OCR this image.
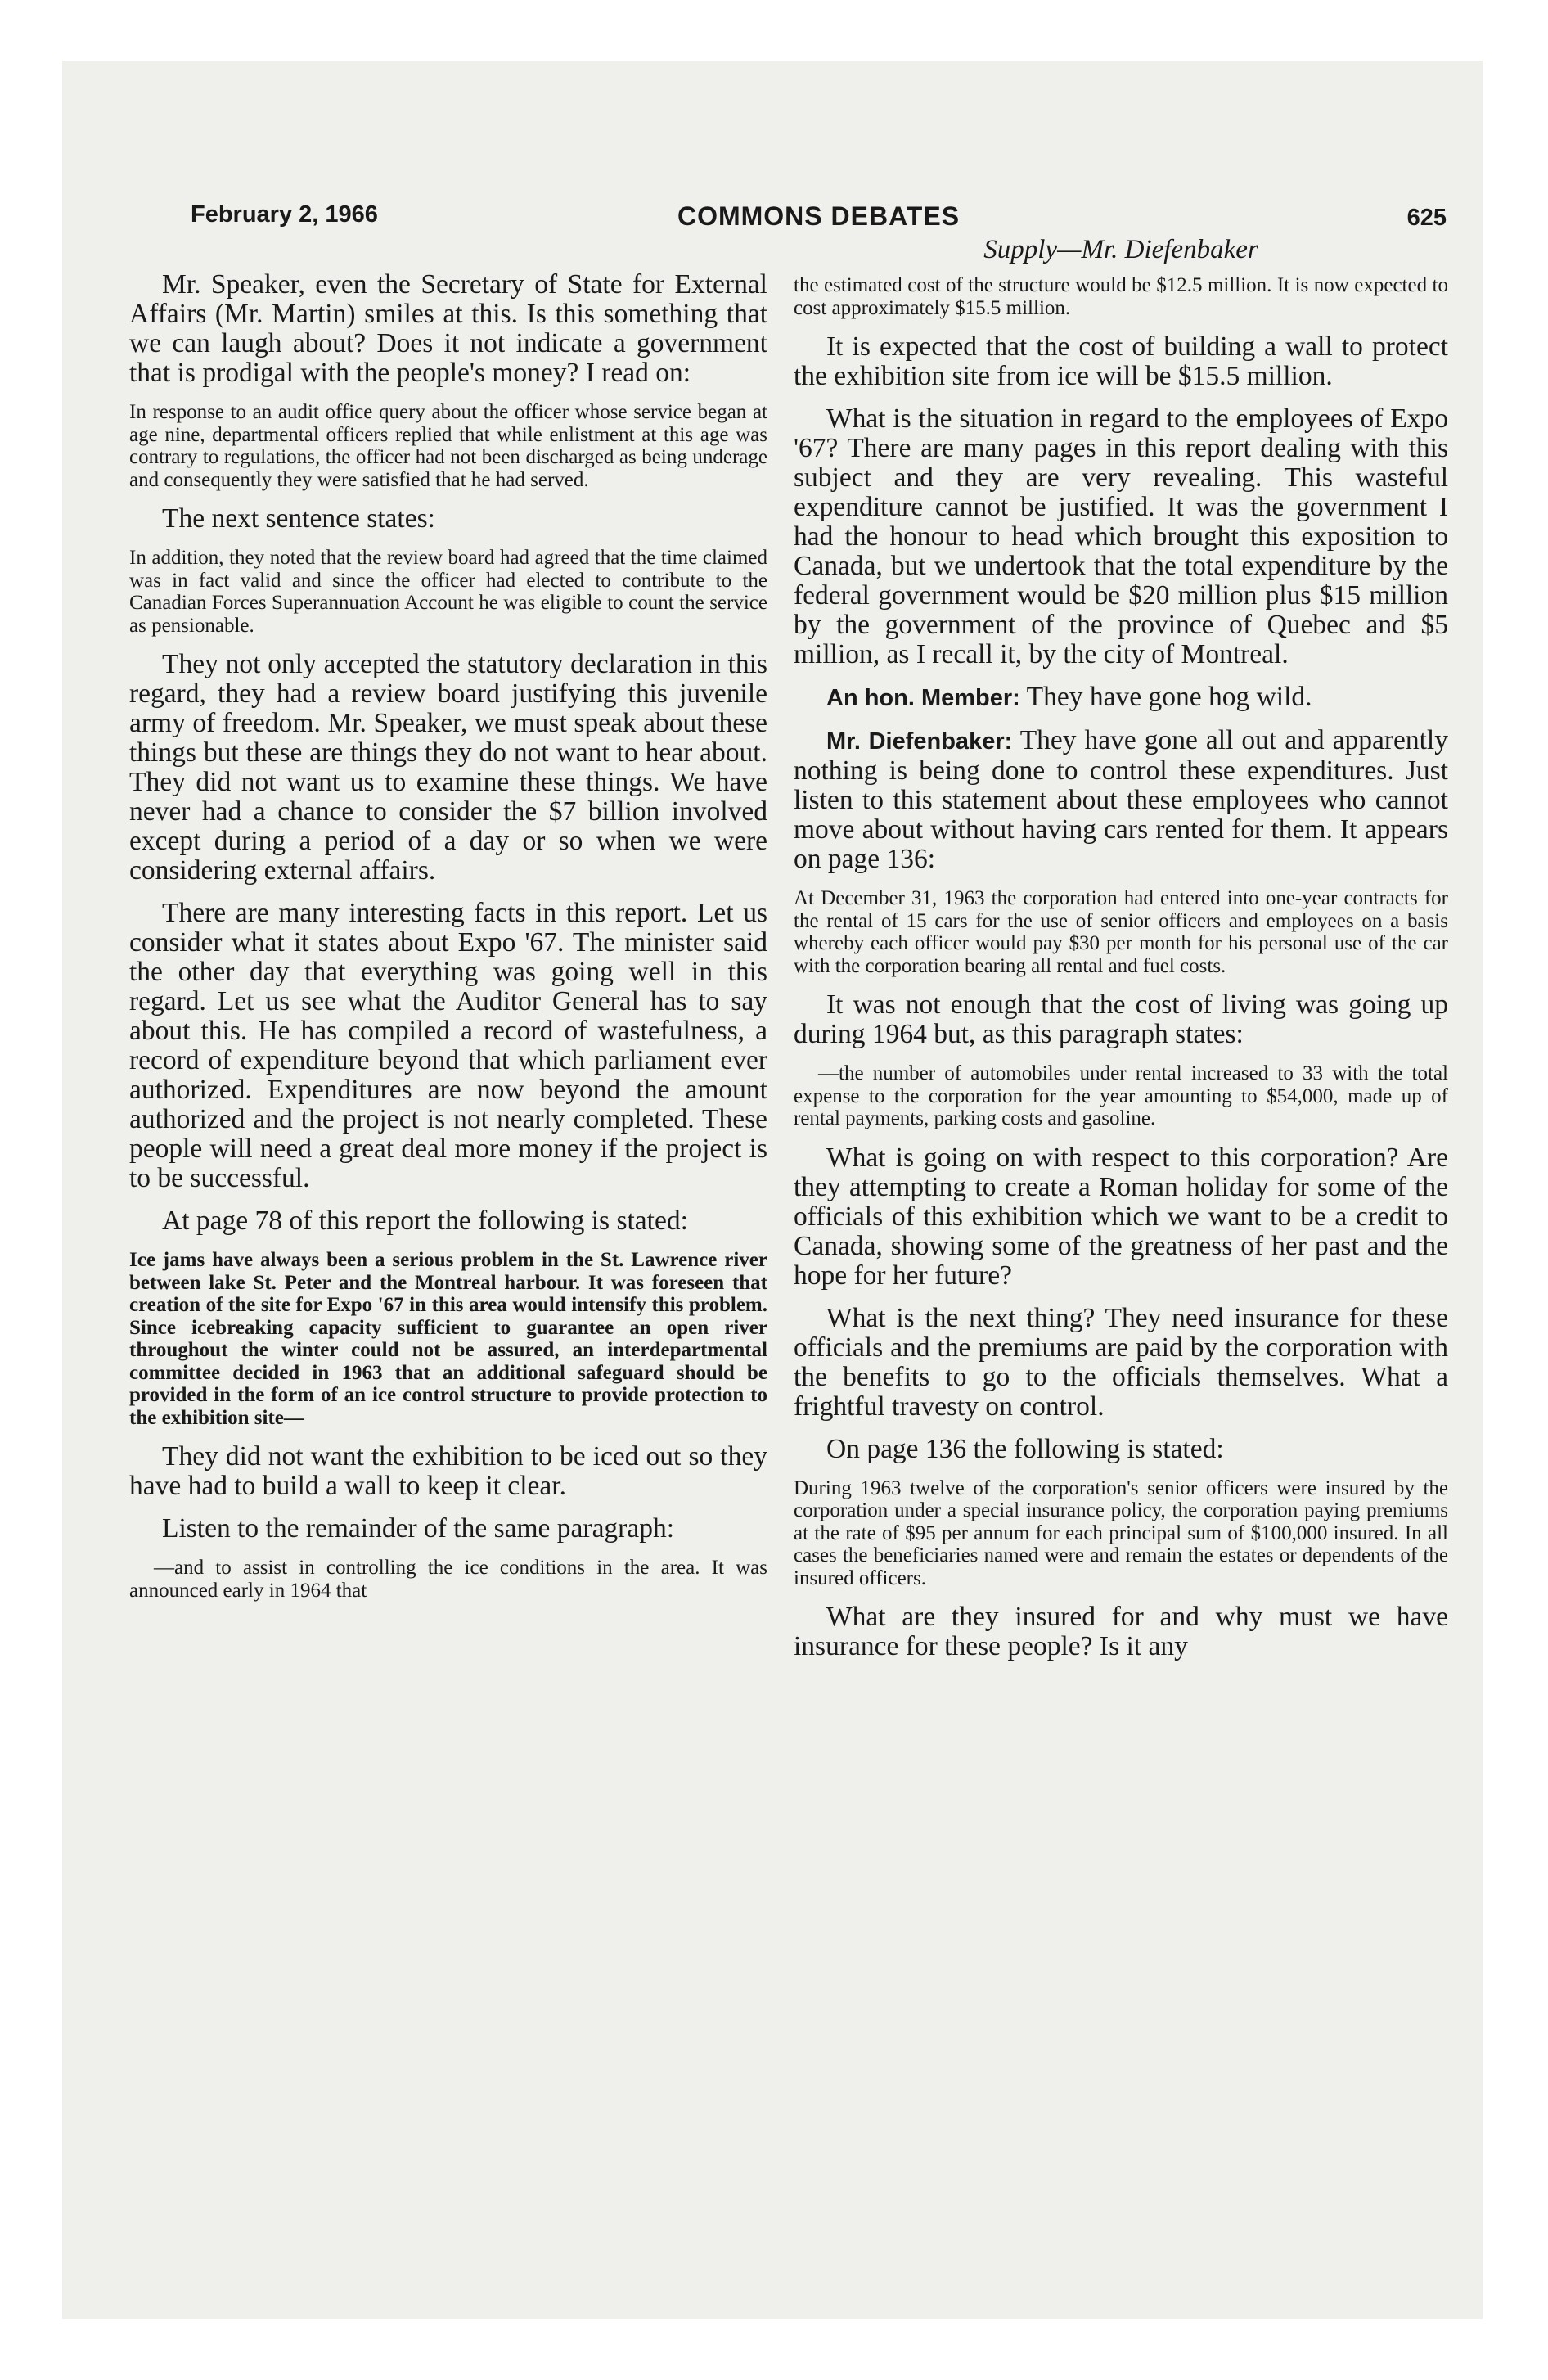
February 2, 1966	COMMONS DEBATES	625
Supply—Mr. Diefenbaker

Mr. Speaker, even the Secretary of State for External Affairs (Mr. Martin) smiles at this. Is this something that we can laugh about? Does it not indicate a government that is prodigal with the people's money? I read on:

In response to an audit office query about the officer whose service began at age nine, departmental officers replied that while enlistment at this age was contrary to regulations, the officer had not been discharged as being underage and consequently they were satisfied that he had served.

The next sentence states:

In addition, they noted that the review board had agreed that the time claimed was in fact valid and since the officer had elected to contribute to the Canadian Forces Superannuation Account he was eligible to count the service as pensionable.

They not only accepted the statutory declaration in this regard, they had a review board justifying this juvenile army of freedom. Mr. Speaker, we must speak about these things but these are things they do not want to hear about. They did not want us to examine these things. We have never had a chance to consider the $7 billion involved except during a period of a day or so when we were considering external affairs.

There are many interesting facts in this report. Let us consider what it states about Expo '67. The minister said the other day that everything was going well in this regard. Let us see what the Auditor General has to say about this. He has compiled a record of wastefulness, a record of expenditure beyond that which parliament ever authorized. Expenditures are now beyond the amount authorized and the project is not nearly completed. These people will need a great deal more money if the project is to be successful.

At page 78 of this report the following is stated:

Ice jams have always been a serious problem in the St. Lawrence river between lake St. Peter and the Montreal harbour. It was foreseen that creation of the site for Expo '67 in this area would intensify this problem. Since icebreaking capacity sufficient to guarantee an open river throughout the winter could not be assured, an interdepartmental committee decided in 1963 that an additional safeguard should be provided in the form of an ice control structure to provide protection to the exhibition site—

They did not want the exhibition to be iced out so they have had to build a wall to keep it clear.

Listen to the remainder of the same paragraph:

—and to assist in controlling the ice conditions in the area. It was announced early in 1964 that

the estimated cost of the structure would be $12.5 million. It is now expected to cost approximately $15.5 million.

It is expected that the cost of building a wall to protect the exhibition site from ice will be $15.5 million.

What is the situation in regard to the employees of Expo '67? There are many pages in this report dealing with this subject and they are very revealing. This wasteful expenditure cannot be justified. It was the government I had the honour to head which brought this exposition to Canada, but we undertook that the total expenditure by the federal government would be $20 million plus $15 million by the government of the province of Quebec and $5 million, as I recall it, by the city of Montreal.

An hon. Member: They have gone hog wild.

Mr. Diefenbaker: They have gone all out and apparently nothing is being done to control these expenditures. Just listen to this statement about these employees who cannot move about without having cars rented for them. It appears on page 136:

At December 31, 1963 the corporation had entered into one-year contracts for the rental of 15 cars for the use of senior officers and employees on a basis whereby each officer would pay $30 per month for his personal use of the car with the corporation bearing all rental and fuel costs.

It was not enough that the cost of living was going up during 1964 but, as this paragraph states:

—the number of automobiles under rental increased to 33 with the total expense to the corporation for the year amounting to $54,000, made up of rental payments, parking costs and gasoline.

What is going on with respect to this corporation? Are they attempting to create a Roman holiday for some of the officials of this exhibition which we want to be a credit to Canada, showing some of the greatness of her past and the hope for her future?

What is the next thing? They need insurance for these officials and the premiums are paid by the corporation with the benefits to go to the officials themselves. What a frightful travesty on control.

On page 136 the following is stated:

During 1963 twelve of the corporation's senior officers were insured by the corporation under a special insurance policy, the corporation paying premiums at the rate of $95 per annum for each principal sum of $100,000 insured. In all cases the beneficiaries named were and remain the estates or dependents of the insured officers.

What are they insured for and why must we have insurance for these people? Is it any
